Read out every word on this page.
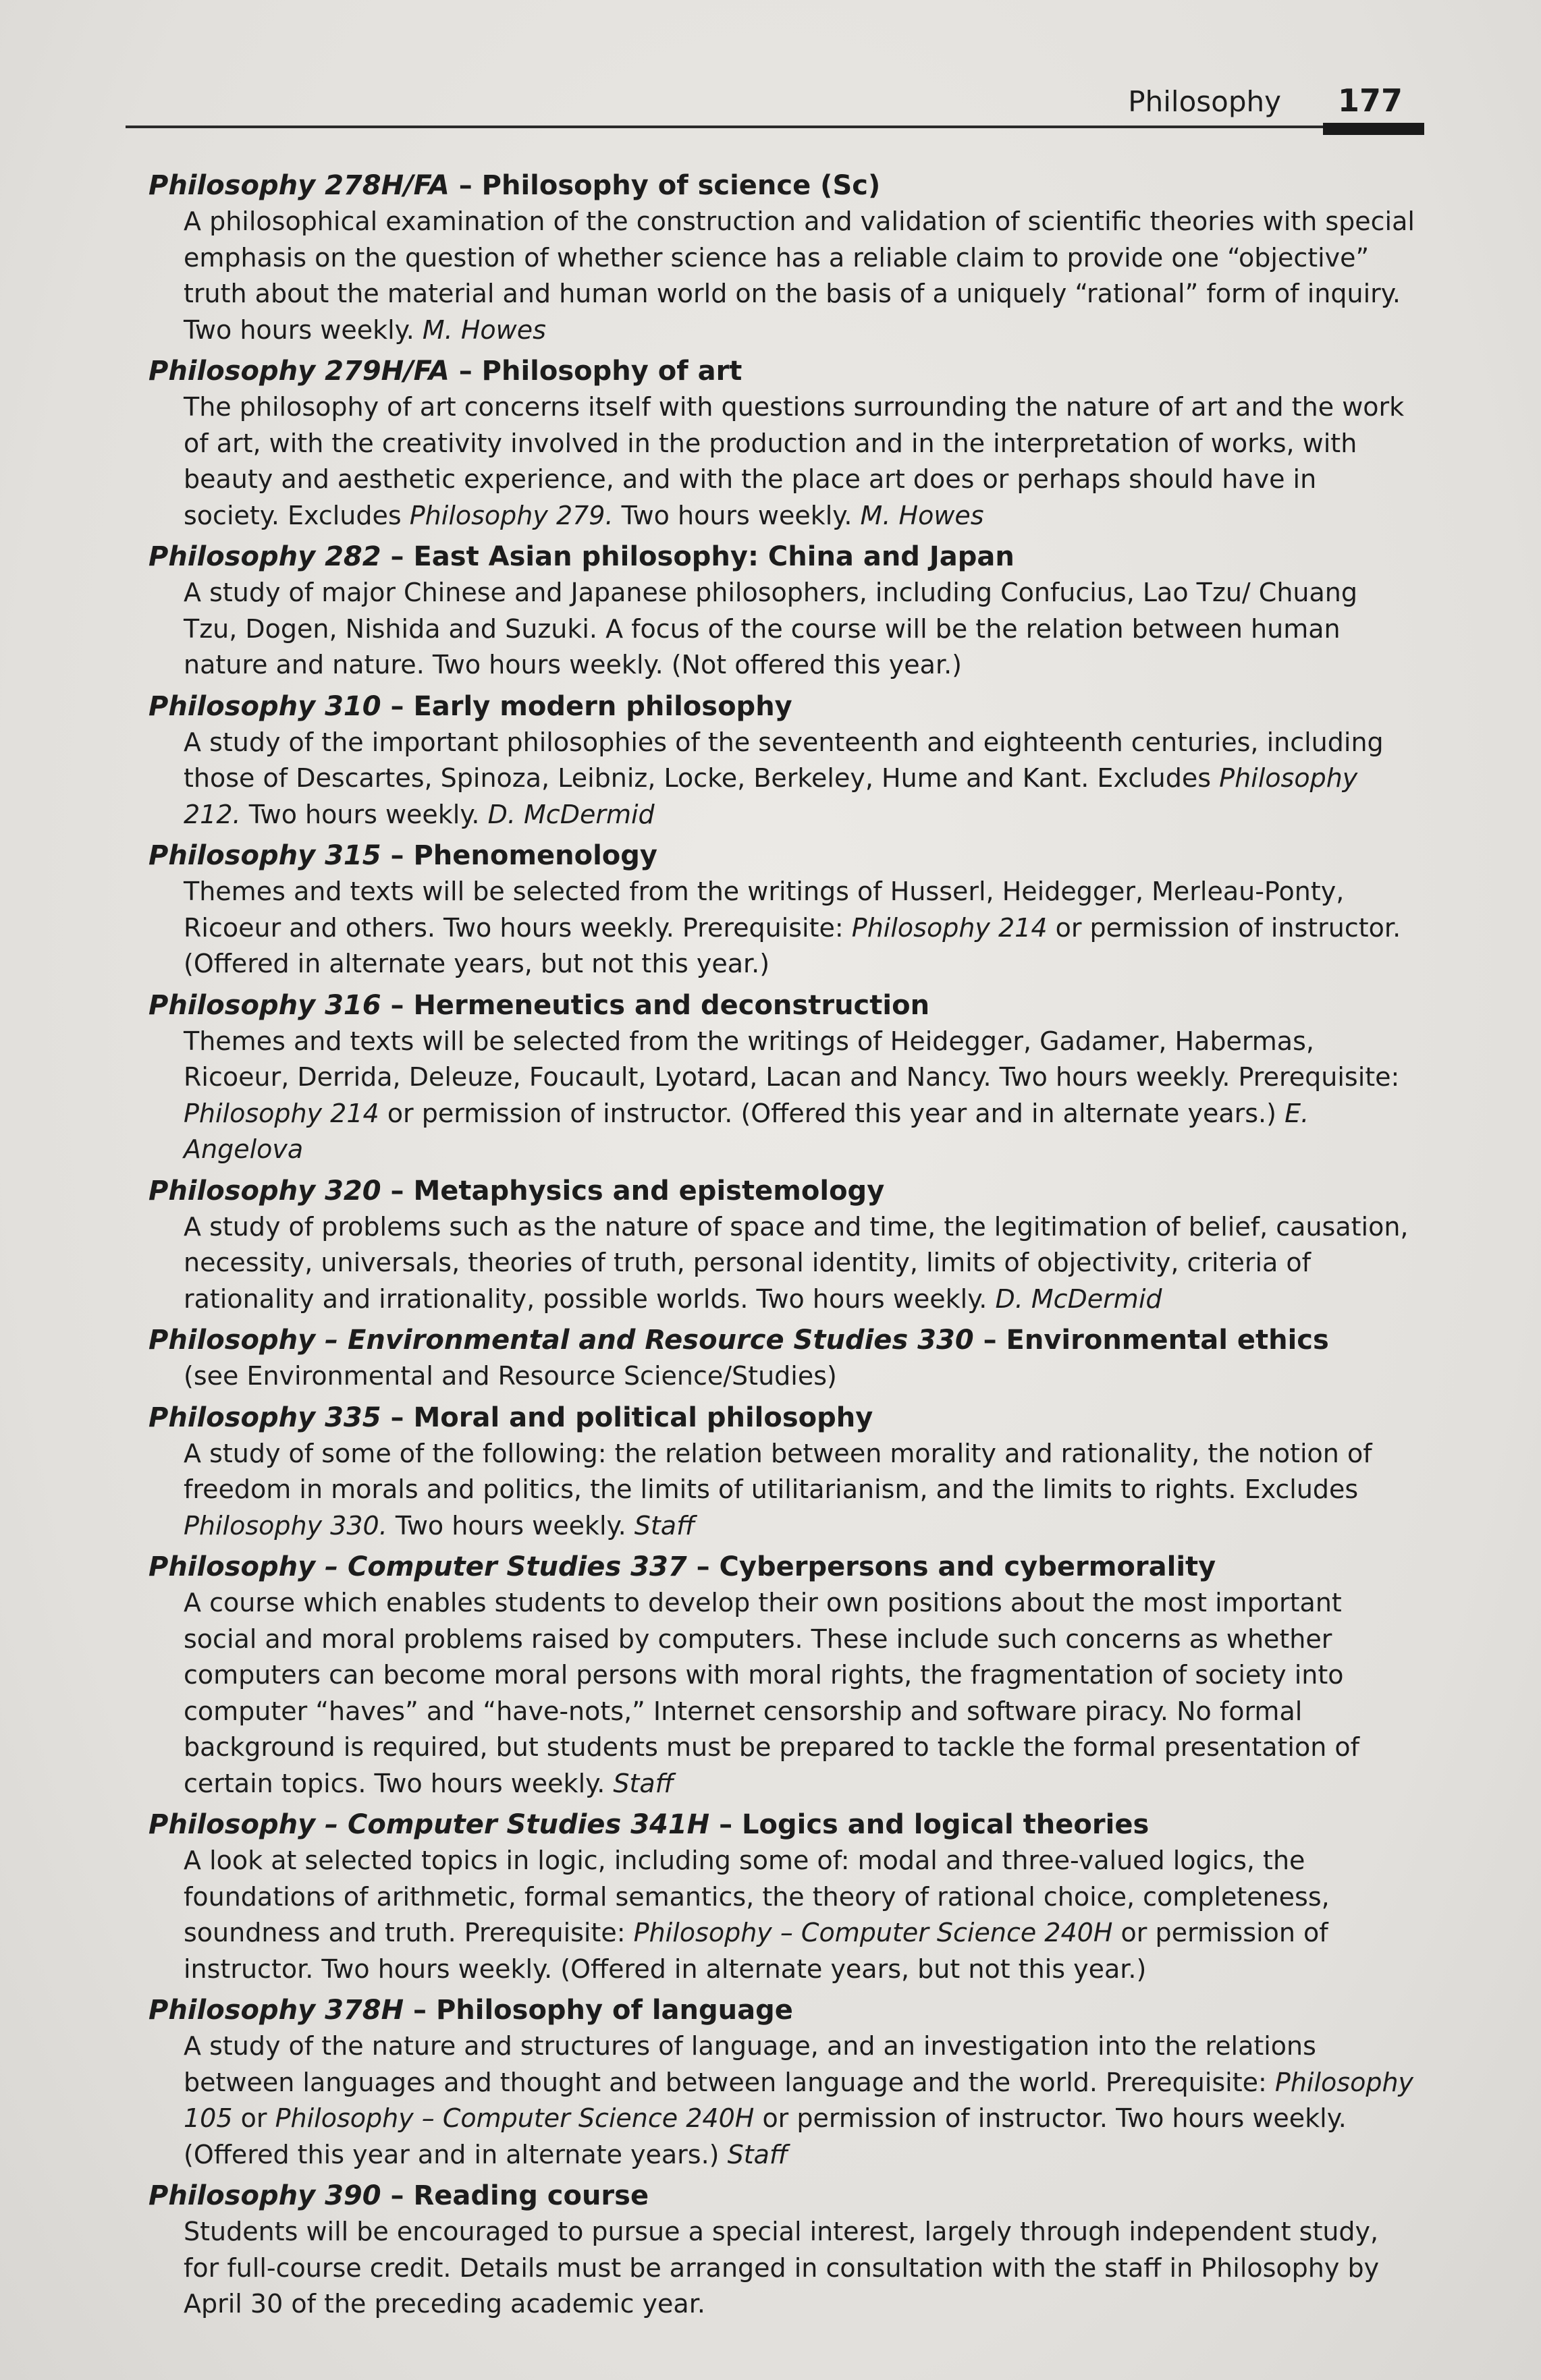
Philosophy 177
Philosophy 278H/FA – Philosophy of science (Sc)
A philosophical examination of the construction and validation of scientific theories with special emphasis on the question of whether science has a reliable claim to provide one “objective” truth about the material and human world on the basis of a uniquely “rational” form of inquiry. Two hours weekly. M. Howes
Philosophy 279H/FA – Philosophy of art
The philosophy of art concerns itself with questions surrounding the nature of art and the work of art, with the creativity involved in the production and in the interpretation of works, with beauty and aesthetic experience, and with the place art does or perhaps should have in society. Excludes Philosophy 279. Two hours weekly. M. Howes
Philosophy 282 – East Asian philosophy: China and Japan
A study of major Chinese and Japanese philosophers, including Confucius, Lao Tzu/ Chuang Tzu, Dogen, Nishida and Suzuki. A focus of the course will be the relation between human nature and nature. Two hours weekly. (Not offered this year.)
Philosophy 310 – Early modern philosophy
A study of the important philosophies of the seventeenth and eighteenth centuries, including those of Descartes, Spinoza, Leibniz, Locke, Berkeley, Hume and Kant. Excludes Philosophy 212. Two hours weekly. D. McDermid
Philosophy 315 – Phenomenology
Themes and texts will be selected from the writings of Husserl, Heidegger, Merleau-Ponty, Ricoeur and others. Two hours weekly. Prerequisite: Philosophy 214 or permission of instructor. (Offered in alternate years, but not this year.)
Philosophy 316 – Hermeneutics and deconstruction
Themes and texts will be selected from the writings of Heidegger, Gadamer, Habermas, Ricoeur, Derrida, Deleuze, Foucault, Lyotard, Lacan and Nancy. Two hours weekly. Prerequisite: Philosophy 214 or permission of instructor. (Offered this year and in alternate years.) E. Angelova
Philosophy 320 – Metaphysics and epistemology
A study of problems such as the nature of space and time, the legitimation of belief, causation, necessity, universals, theories of truth, personal identity, limits of objectivity, criteria of rationality and irrationality, possible worlds. Two hours weekly. D. McDermid
Philosophy – Environmental and Resource Studies 330 – Environmental ethics
(see Environmental and Resource Science/Studies)
Philosophy 335 – Moral and political philosophy
A study of some of the following: the relation between morality and rationality, the notion of freedom in morals and politics, the limits of utilitarianism, and the limits to rights. Excludes Philosophy 330. Two hours weekly. Staff
Philosophy – Computer Studies 337 – Cyberpersons and cybermorality
A course which enables students to develop their own positions about the most important social and moral problems raised by computers. These include such concerns as whether computers can become moral persons with moral rights, the fragmentation of society into computer “haves” and “have-nots,” Internet censorship and software piracy. No formal background is required, but students must be prepared to tackle the formal presentation of certain topics. Two hours weekly. Staff
Philosophy – Computer Studies 341H – Logics and logical theories
A look at selected topics in logic, including some of: modal and three-valued logics, the foundations of arithmetic, formal semantics, the theory of rational choice, completeness, soundness and truth. Prerequisite: Philosophy – Computer Science 240H or permission of instructor. Two hours weekly. (Offered in alternate years, but not this year.)
Philosophy 378H – Philosophy of language
A study of the nature and structures of language, and an investigation into the relations between languages and thought and between language and the world. Prerequisite: Philosophy 105 or Philosophy – Computer Science 240H or permission of instructor. Two hours weekly. (Offered this year and in alternate years.) Staff
Philosophy 390 – Reading course
Students will be encouraged to pursue a special interest, largely through independent study, for full-course credit. Details must be arranged in consultation with the staff in Philosophy by April 30 of the preceding academic year.
